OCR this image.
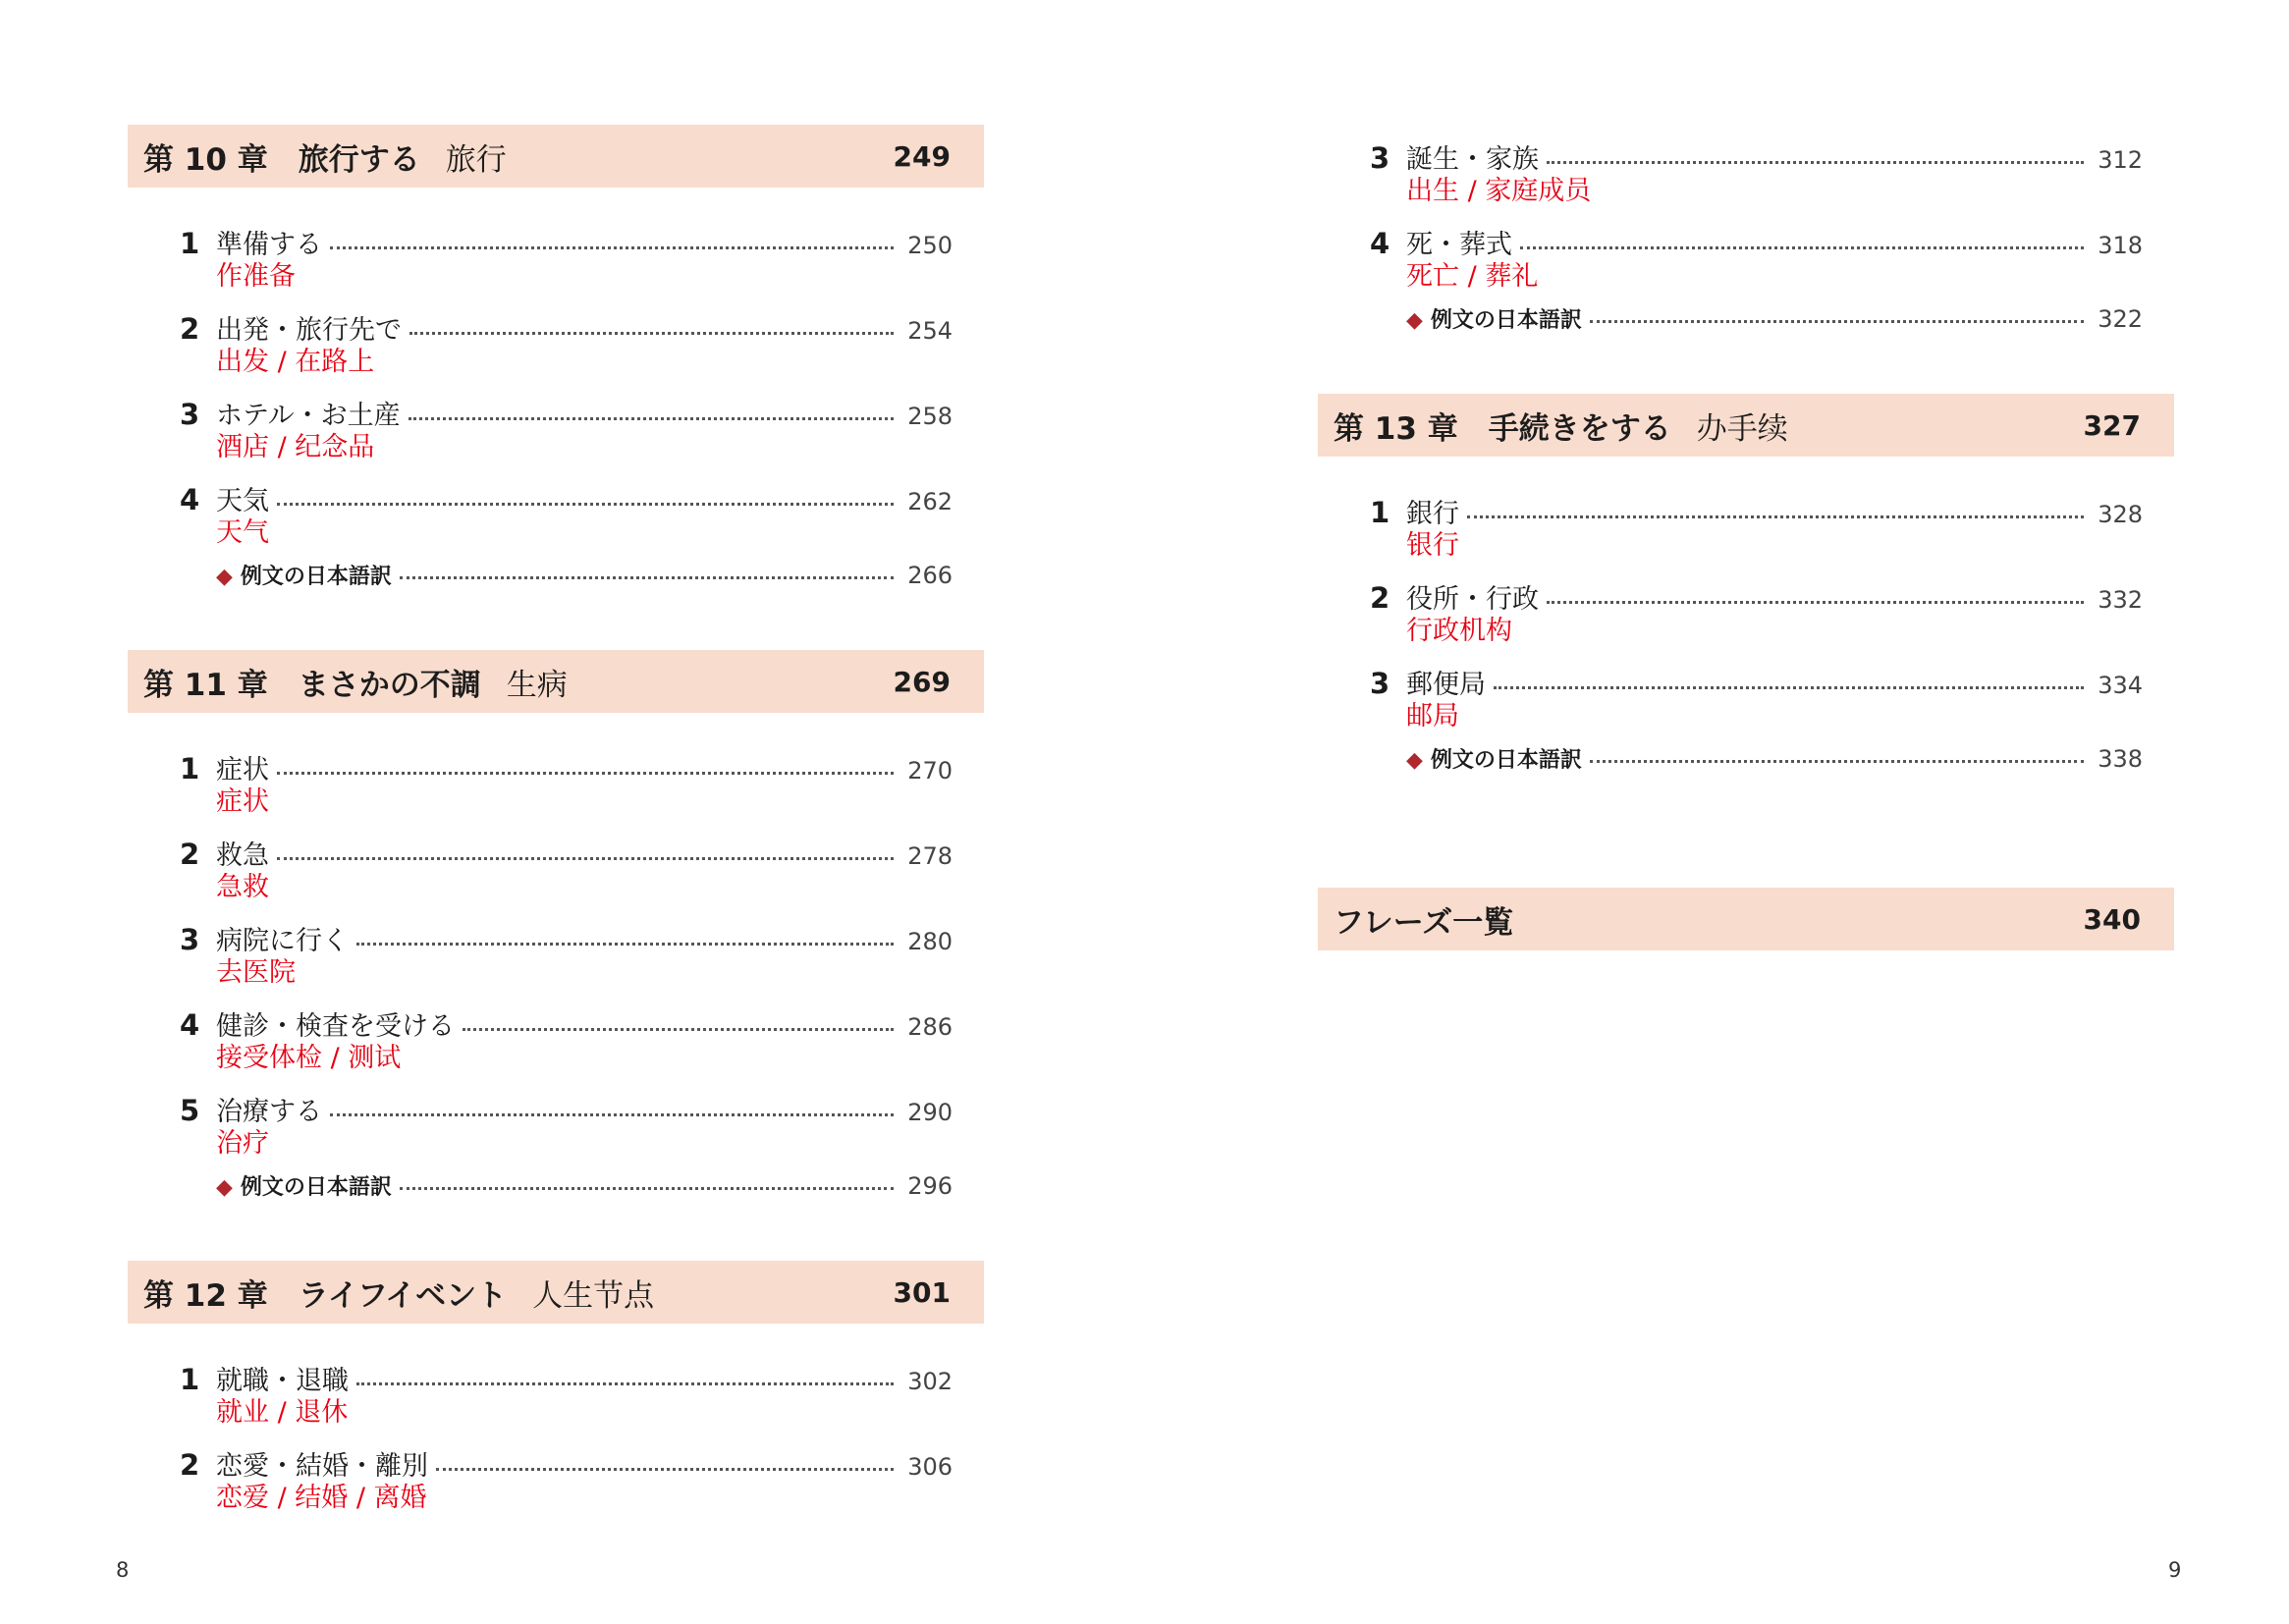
第 10 章　旅行する 旅行	249
1 準備する	250
作准备
2 出発・旅行先で	254
出发 / 在路上
3 ホテル・お土産	258
酒店 / 纪念品
4 天気	262
天气
◆ 例文の日本語訳	266
第 11 章　まさかの不調 生病	269
1 症状	270
症状
2 救急	278
急救
3 病院に行く	280
去医院
4 健診・検査を受ける	286
接受体检 / 测试
5 治療する	290
治疗
◆ 例文の日本語訳	296
第 12 章　ライフイベント 人生节点	301
1 就職・退職	302
就业 / 退休
2 恋愛・結婚・離別	306
恋爱 / 结婚 / 离婚
8
3 誕生・家族	312
出生 / 家庭成员
4 死・葬式	318
死亡 / 葬礼
◆ 例文の日本語訳	322
第 13 章　手続きをする 办手续	327
1 銀行	328
银行
2 役所・行政	332
行政机构
3 郵便局	334
邮局
◆ 例文の日本語訳	338
フレーズ一覧	340
9
